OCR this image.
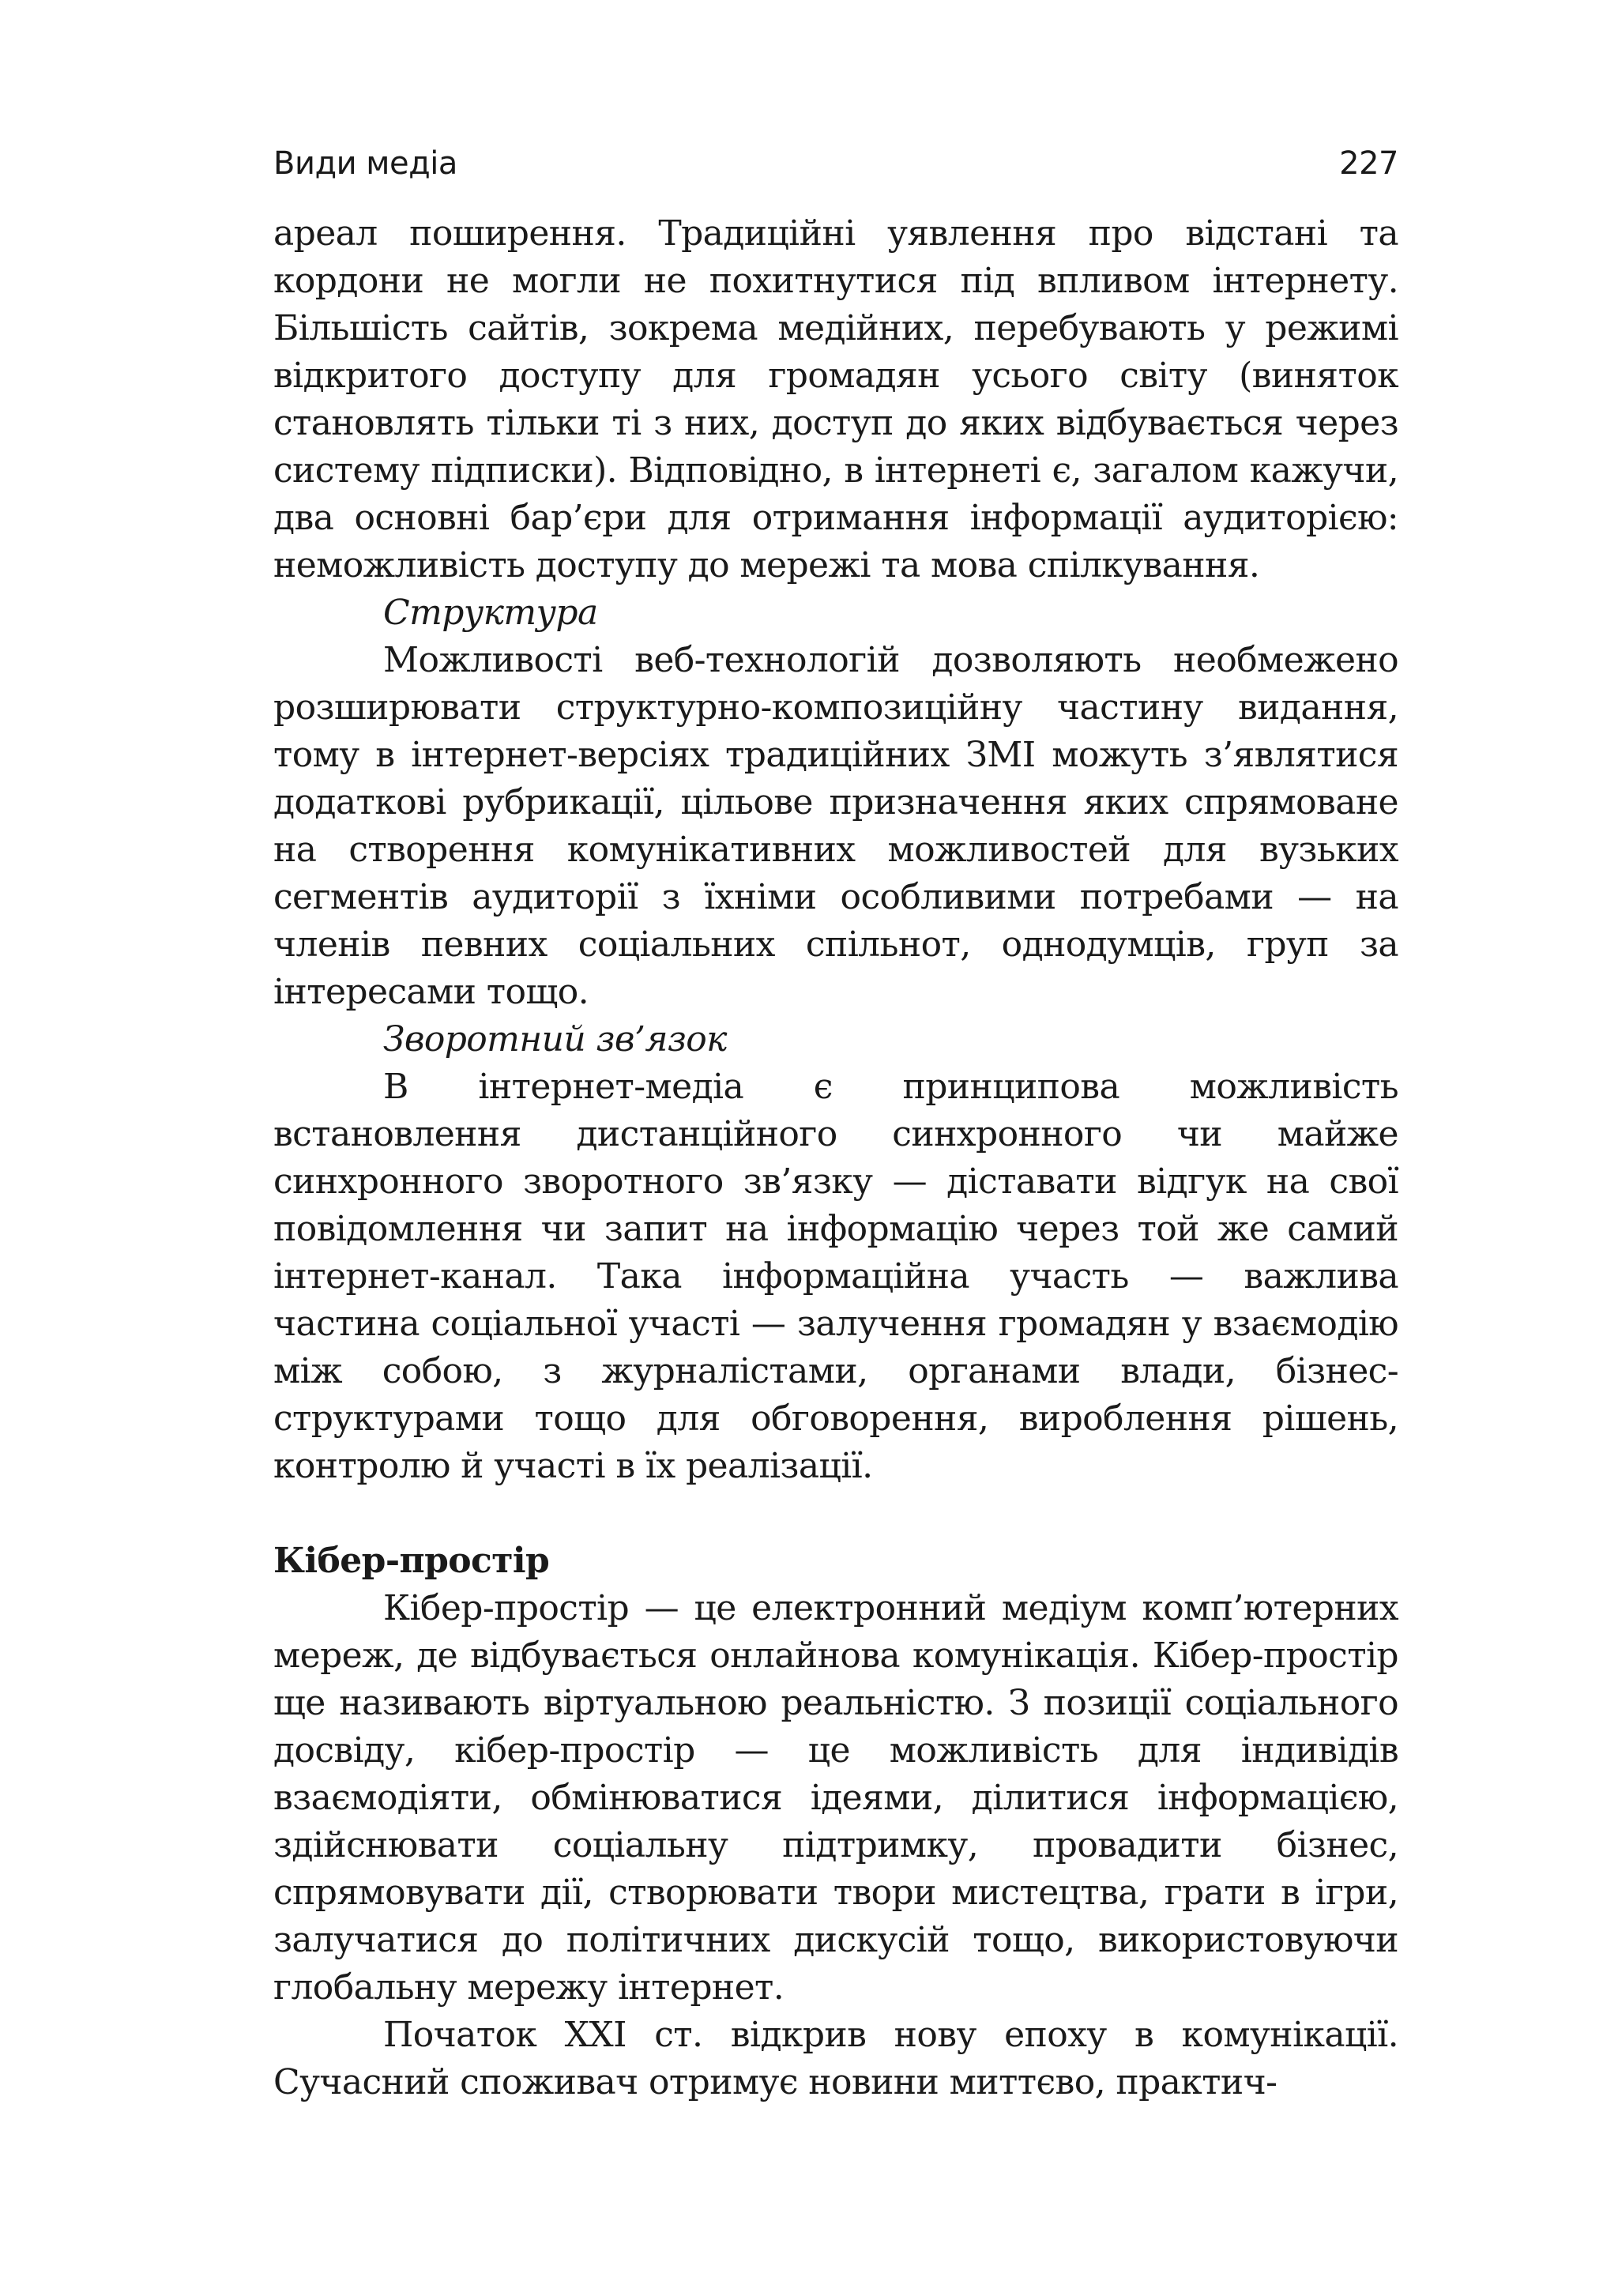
Види медіа	227

ареал поширення. Традиційні уявлення про відстані та кордони не могли не похитнутися під впливом інтернету. Більшість сайтів, зокрема медійних, перебувають у режимі відкритого доступу для громадян усього світу (виняток становлять тільки ті з них, доступ до яких відбувається через систему підписки). Відповідно, в інтернеті є, загалом кажучи, два основні бар’єри для отримання інформації аудиторією: неможливість доступу до мережі та мова спілкування.

Структура

Можливості веб-технологій дозволяють необмежено розширювати структурно-композиційну частину видання, тому в інтернет-версіях традиційних ЗМІ можуть з’являтися додаткові рубрикації, цільове призначення яких спрямоване на створення комунікативних можливостей для вузьких сегментів аудиторії з їхніми особливими потребами — на членів певних соціальних спільнот, однодумців, груп за інтересами тощо.

Зворотний зв’язок

В інтернет-медіа є принципова можливість встановлення дистанційного синхронного чи майже синхронного зворотного зв’язку — діставати відгук на свої повідомлення чи запит на інформацію через той же самий інтернет-канал. Така інформаційна участь — важлива частина соціальної участі — залучення громадян у взаємодію між собою, з журналістами, органами влади, бізнес-структурами тощо для обговорення, вироблення рішень, контролю й участі в їх реалізації.

Кібер-простір

Кібер-простір — це електронний медіум комп’ютерних мереж, де відбувається онлайнова комунікація. Кібер-простір ще називають віртуальною реальністю. З позиції соціального досвіду, кібер-простір — це можливість для індивідів взаємодіяти, обмінюватися ідеями, ділитися інформацією, здійснювати соціальну підтримку, провадити бізнес, спрямовувати дії, створювати твори мистецтва, грати в ігри, залучатися до політичних дискусій тощо, використовуючи глобальну мережу інтернет.

Початок XXI ст. відкрив нову епоху в комунікації. Сучасний споживач отримує новини миттєво, практич-
